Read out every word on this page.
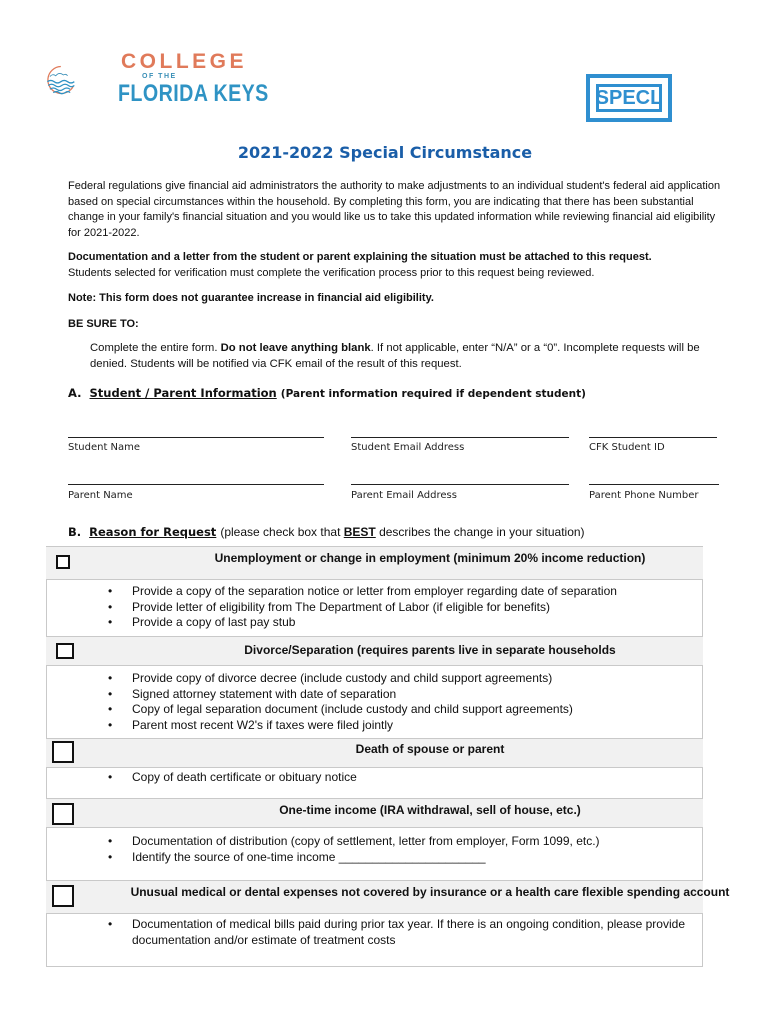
COLLEGE
OF THE
FLORIDA KEYS	SPECL
2021-2022 Special Circumstance
Federal regulations give financial aid administrators the authority to make adjustments to an individual student's federal aid application based on special circumstances within the household. By completing this form, you are indicating that there has been substantial change in your family's financial situation and you would like us to take this updated information while reviewing financial aid eligibility for 2021-2022.
Documentation and a letter from the student or parent explaining the situation must be attached to this request.
Students selected for verification must complete the verification process prior to this request being reviewed.
Note: This form does not guarantee increase in financial aid eligibility.
BE SURE TO:
Complete the entire form. Do not leave anything blank. If not applicable, enter “N/A” or a “0”. Incomplete requests will be denied. Students will be notified via CFK email of the result of this request.
A. Student / Parent Information (Parent information required if dependent student)
Student Name	Student Email Address	CFK Student ID
Parent Name	Parent Email Address	Parent Phone Number
B. Reason for Request (please check box that BEST describes the change in your situation)
Unemployment or change in employment (minimum 20% income reduction)
• Provide a copy of the separation notice or letter from employer regarding date of separation
• Provide letter of eligibility from The Department of Labor (if eligible for benefits)
• Provide a copy of last pay stub
Divorce/Separation (requires parents live in separate households
• Provide copy of divorce decree (include custody and child support agreements)
• Signed attorney statement with date of separation
• Copy of legal separation document (include custody and child support agreements)
• Parent most recent W2's if taxes were filed jointly
Death of spouse or parent
• Copy of death certificate or obituary notice
One-time income (IRA withdrawal, sell of house, etc.)
• Documentation of distribution (copy of settlement, letter from employer, Form 1099, etc.)
• Identify the source of one-time income ______________________
Unusual medical or dental expenses not covered by insurance or a health care flexible spending account
• Documentation of medical bills paid during prior tax year. If there is an ongoing condition, please provide documentation and/or estimate of treatment costs
